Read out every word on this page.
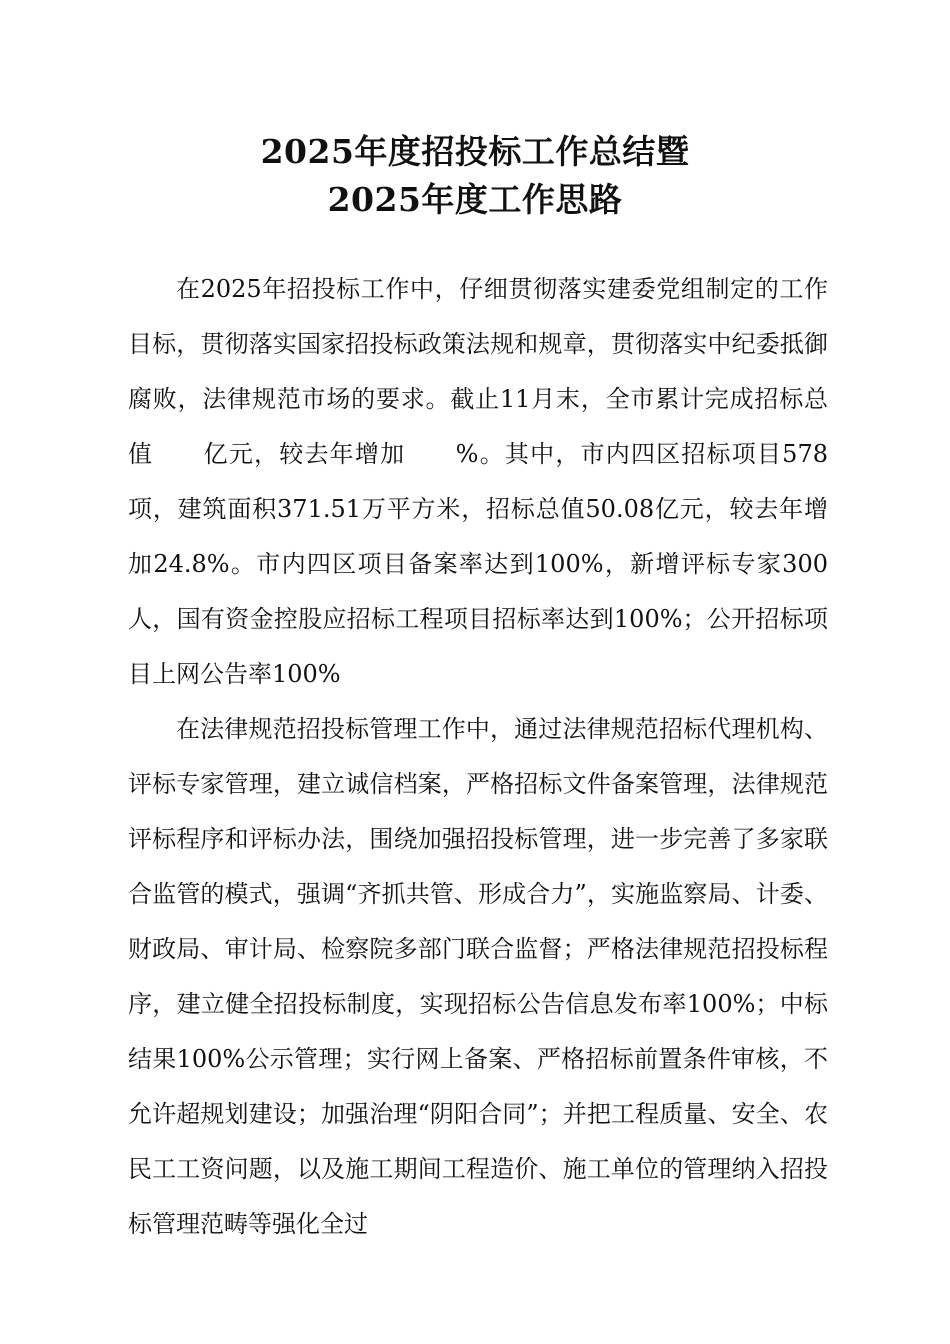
2025年度招投标工作总结暨
2025年度工作思路

在2025年招投标工作中，仔细贯彻落实建委党组制定的工作目标，贯彻落实国家招投标政策法规和规章，贯彻落实中纪委抵御腐败，法律规范市场的要求。截止11月末，全市累计完成招标总值　　亿元，较去年增加　　%。其中，市内四区招标项目578项，建筑面积371.51万平方米，招标总值50.08亿元，较去年增加24.8%。市内四区项目备案率达到100%，新增评标专家300人，国有资金控股应招标工程项目招标率达到100%；公开招标项目上网公告率100%

在法律规范招投标管理工作中，通过法律规范招标代理机构、评标专家管理，建立诚信档案，严格招标文件备案管理，法律规范评标程序和评标办法，围绕加强招投标管理，进一步完善了多家联合监管的模式，强调“齐抓共管、形成合力”，实施监察局、计委、财政局、审计局、检察院多部门联合监督；严格法律规范招投标程序，建立健全招投标制度，实现招标公告信息发布率100%；中标结果100%公示管理；实行网上备案、严格招标前置条件审核，不允许超规划建设；加强治理“阴阳合同”；并把工程质量、安全、农民工工资问题，以及施工期间工程造价、施工单位的管理纳入招投标管理范畴等强化全过
